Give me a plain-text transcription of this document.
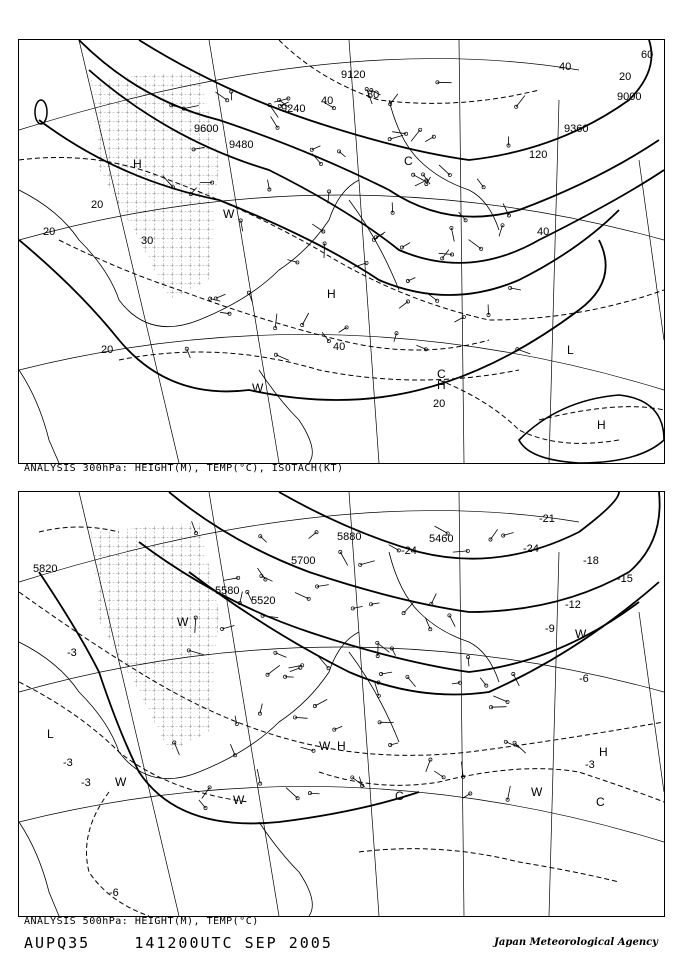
9120
9240
9600
9480
9360
9000
20
20
20
40
40
40
60
80
120
20
30
40
20
H
H
L
C
W
W
H
C
H
ANALYSIS 300hPa: HEIGHT(M), TEMP(°C), ISOTACH(KT)
5880
5700
5460
5820
5580
5520
-24	-24
-21
-18
-15
-12
-9
-6
-3
-3
-3
-6
-3
L
H	H
C	C
W
W
W
W
W
W
ANALYSIS 500hPa: HEIGHT(M), TEMP(°C)
AUPQ35	141200UTC SEP 2005	Japan Meteorological Agency
